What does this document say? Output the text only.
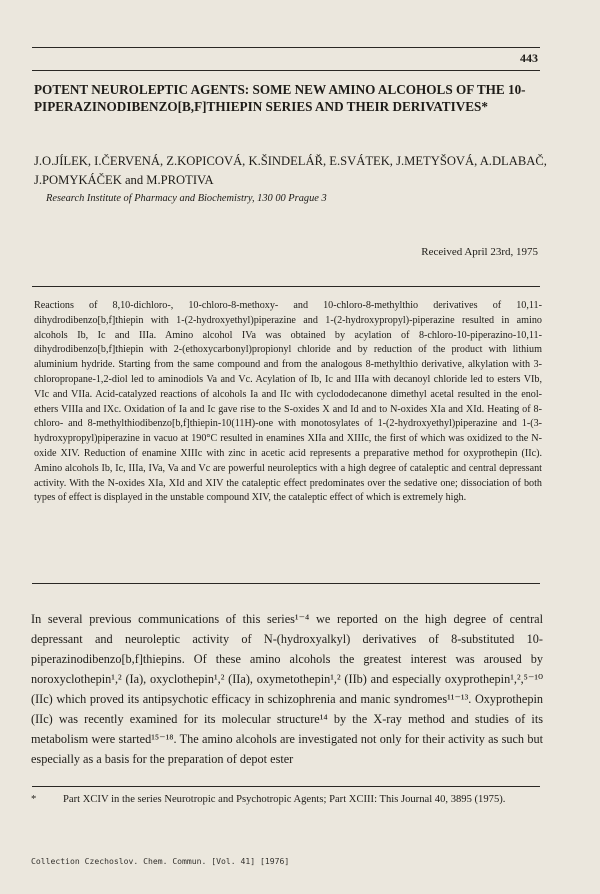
443
POTENT NEUROLEPTIC AGENTS: SOME NEW AMINO ALCOHOLS OF THE 10-PIPERAZINODIBENZO[B,F]THIEPIN SERIES AND THEIR DERIVATIVES*
J.O.JÍLEK, I.ČERVENÁ, Z.KOPICOVÁ, K.ŠINDELÁŘ, E.SVÁTEK, J.METYŠOVÁ, A.DLABAČ, J.POMYKÁČEK and M.PROTIVA
Research Institute of Pharmacy and Biochemistry, 130 00 Prague 3
Received April 23rd, 1975

Reactions of 8,10-dichloro-, 10-chloro-8-methoxy- and 10-chloro-8-methylthio derivatives of 10,11-dihydrodibenzo[b,f]thiepin with 1-(2-hydroxyethyl)piperazine and 1-(2-hydroxypropyl)-piperazine resulted in amino alcohols Ib, Ic and IIIa. Amino alcohol IVa was obtained by acylation of 8-chloro-10-piperazino-10,11-dihydrodibenzo[b,f]thiepin with 2-(ethoxycarbonyl)propionyl chloride and by reduction of the product with lithium aluminium hydride. Starting from the same compound and from the analogous 8-methylthio derivative, alkylation with 3-chloropropane-1,2-diol led to aminodiols Va and Vc. Acylation of Ib, Ic and IIIa with decanoyl chloride led to esters VIb, VIc and VIIa. Acid-catalyzed reactions of alcohols Ia and IIc with cyclododecanone dimethyl acetal resulted in the enol-ethers VIIIa and IXc. Oxidation of Ia and Ic gave rise to the S-oxides X and Id and to N-oxides XIa and XId. Heating of 8-chloro- and 8-methylthiodibenzo[b,f]thiepin-10(11H)-one with monotosylates of 1-(2-hydroxyethyl)piperazine and 1-(3-hydroxypropyl)piperazine in vacuo at 190°C resulted in enamines XIIa and XIIIc, the first of which was oxidized to the N-oxide XIV. Reduction of enamine XIIIc with zinc in acetic acid represents a preparative method for oxyprothepin (IIc). Amino alcohols Ib, Ic, IIIa, IVa, Va and Vc are powerful neuroleptics with a high degree of cataleptic and central depressant activity. With the N-oxides XIa, XId and XIV the cataleptic effect predominates over the sedative one; dissociation of both types of effect is displayed in the unstable compound XIV, the cataleptic effect of which is extremely high.

In several previous communications of this series¹⁻⁴ we reported on the high degree of central depressant and neuroleptic activity of N-(hydroxyalkyl) derivatives of 8-substituted 10-piperazinodibenzo[b,f]thiepins. Of these amino alcohols the greatest interest was aroused by noroxyclothepin¹,² (Ia), oxyclothepin¹,² (IIa), oxymetothepin¹,² (IIb) and especially oxyprothepin¹,²,⁵⁻¹⁰ (IIc) which proved its antipsychotic efficacy in schizophrenia and manic syndromes¹¹⁻¹³. Oxyprothepin (IIc) was recently examined for its molecular structure¹⁴ by the X-ray method and studies of its metabolism were started¹⁵⁻¹⁸. The amino alcohols are investigated not only for their activity as such but especially as a basis for the preparation of depot ester

*	Part XCIV in the series Neurotropic and Psychotropic Agents; Part XCIII: This Journal 40, 3895 (1975).

Collection Czechoslov. Chem. Commun. [Vol. 41] [1976]
